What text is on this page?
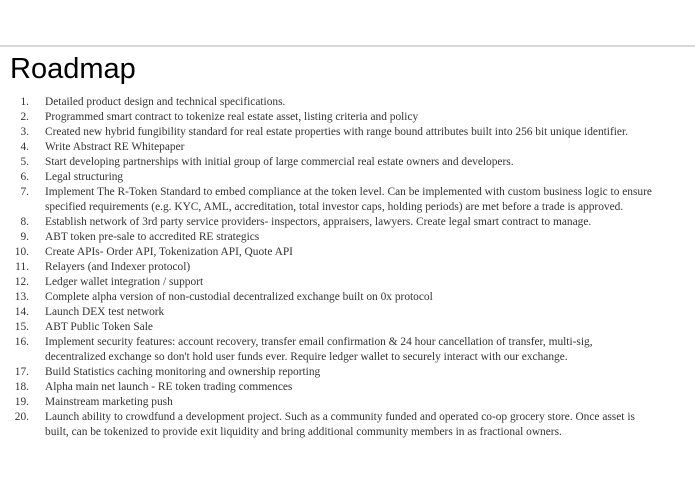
Roadmap
1. Detailed product design and technical specifications.
2. Programmed smart contract to tokenize real estate asset, listing criteria and policy
3. Created new hybrid fungibility standard for real estate properties with range bound attributes built into 256 bit unique identifier.
4. Write Abstract RE Whitepaper
5. Start developing partnerships with initial group of large commercial real estate owners and developers.
6. Legal structuring
7. Implement The R-Token Standard to embed compliance at the token level. Can be implemented with custom business logic to ensure
specified requirements (e.g. KYC, AML, accreditation, total investor caps, holding periods) are met before a trade is approved.
8. Establish network of 3rd party service providers- inspectors, appraisers, lawyers. Create legal smart contract to manage.
9. ABT token pre-sale to accredited RE strategics
10. Create APIs- Order API, Tokenization API, Quote API
11. Relayers (and Indexer protocol)
12. Ledger wallet integration / support
13. Complete alpha version of non-custodial decentralized exchange built on 0x protocol
14. Launch DEX test network
15. ABT Public Token Sale
16. Implement security features: account recovery, transfer email confirmation & 24 hour cancellation of transfer, multi-sig,
decentralized exchange so don't hold user funds ever. Require ledger wallet to securely interact with our exchange.
17. Build Statistics caching monitoring and ownership reporting
18. Alpha main net launch - RE token trading commences
19. Mainstream marketing push
20. Launch ability to crowdfund a development project. Such as a community funded and operated co-op grocery store. Once asset is
built, can be tokenized to provide exit liquidity and bring additional community members in as fractional owners.
